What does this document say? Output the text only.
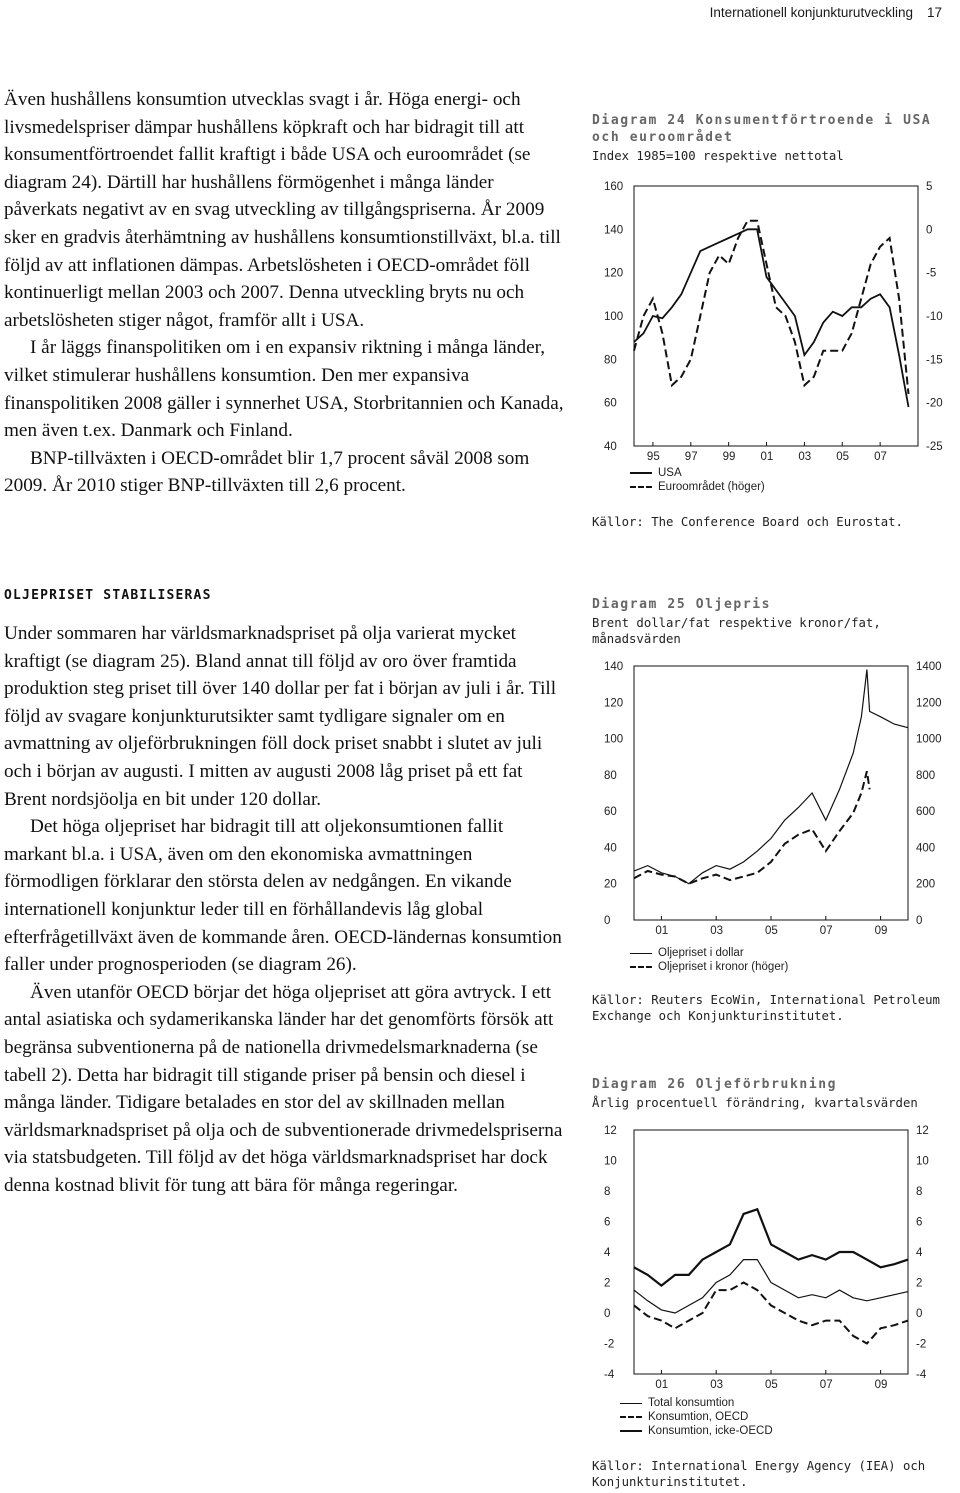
Internationell konjunkturutveckling 17

Även hushållens konsumtion utvecklas svagt i år. Höga energi- och livsmedelspriser dämpar hushållens köpkraft och har bidragit till att konsumentförtroendet fallit kraftigt i både USA och euroområdet (se diagram 24). Därtill har hushållens förmögenhet i många länder påverkats negativt av en svag utveckling av tillgångspriserna. År 2009 sker en gradvis återhämtning av hushållens konsumtionstillväxt, bl.a. till följd av att inflationen dämpas. Arbetslösheten i OECD-området föll kontinuerligt mellan 2003 och 2007. Denna utveckling bryts nu och arbetslösheten stiger något, framför allt i USA.

I år läggs finanspolitiken om i en expansiv riktning i många länder, vilket stimulerar hushållens konsumtion. Den mer expansiva finanspolitiken 2008 gäller i synnerhet USA, Storbritannien och Kanada, men även t.ex. Danmark och Finland.

BNP-tillväxten i OECD-området blir 1,7 procent såväl 2008 som 2009. År 2010 stiger BNP-tillväxten till 2,6 procent.

OLJEPRISET STABILISERAS

Under sommaren har världsmarknadspriset på olja varierat mycket kraftigt (se diagram 25). Bland annat till följd av oro över framtida produktion steg priset till över 140 dollar per fat i början av juli i år. Till följd av svagare konjunkturutsikter samt tydligare signaler om en avmattning av oljeförbrukningen föll dock priset snabbt i slutet av juli och i början av augusti. I mitten av augusti 2008 låg priset på ett fat Brent nordsjöolja en bit under 120 dollar.

Det höga oljepriset har bidragit till att oljekonsumtionen fallit markant bl.a. i USA, även om den ekonomiska avmattningen förmodligen förklarar den största delen av nedgången. En vikande internationell konjunktur leder till en förhållandevis låg global efterfrågetillväxt även de kommande åren. OECD-ländernas konsumtion faller under prognosperioden (se diagram 26).

Även utanför OECD börjar det höga oljepriset att göra avtryck. I ett antal asiatiska och sydamerikanska länder har det genomförts försök att begränsa subventionerna på de nationella drivmedelsmarknaderna (se tabell 2). Detta har bidragit till stigande priser på bensin och diesel i många länder. Tidigare betalades en stor del av skillnaden mellan världsmarknadspriset på olja och de subventionerade drivmedelspriserna via statsbudgeten. Till följd av det höga världsmarknadspriset har dock denna kostnad blivit för tung att bära för många regeringar.

Diagram 24 Konsumentförtroende i USA och euroområdet
Index 1985=100 respektive nettotal
160
140
120
100
80
60
40
5
0
-5
-10
-15
-20
-25
95 97 99 01 03 05 07
USA
Euroområdet (höger)
Källor: The Conference Board och Eurostat.
Diagram 25 Oljepris
Brent dollar/fat respektive kronor/fat, månadsvärden
140
120
100
80
60
40
20
0
1400
1200
1000
800
600
400
200
0
01	03	05	07	09
Oljepriset i dollar
Oljepriset i kronor (höger)
Källor: Reuters EcoWin, International Petroleum Exchange och Konjunkturinstitutet.
Diagram 26 Oljeförbrukning
Årlig procentuell förändring, kvartalsvärden
12
10
8
6
4
2
0
-2
-4
12
10
8
6
4
2
0
-2
-4
01	03	05	07	09
Total konsumtion
Konsumtion, OECD
Konsumtion, icke-OECD
Källor: International Energy Agency (IEA) och Konjunkturinstitutet.
